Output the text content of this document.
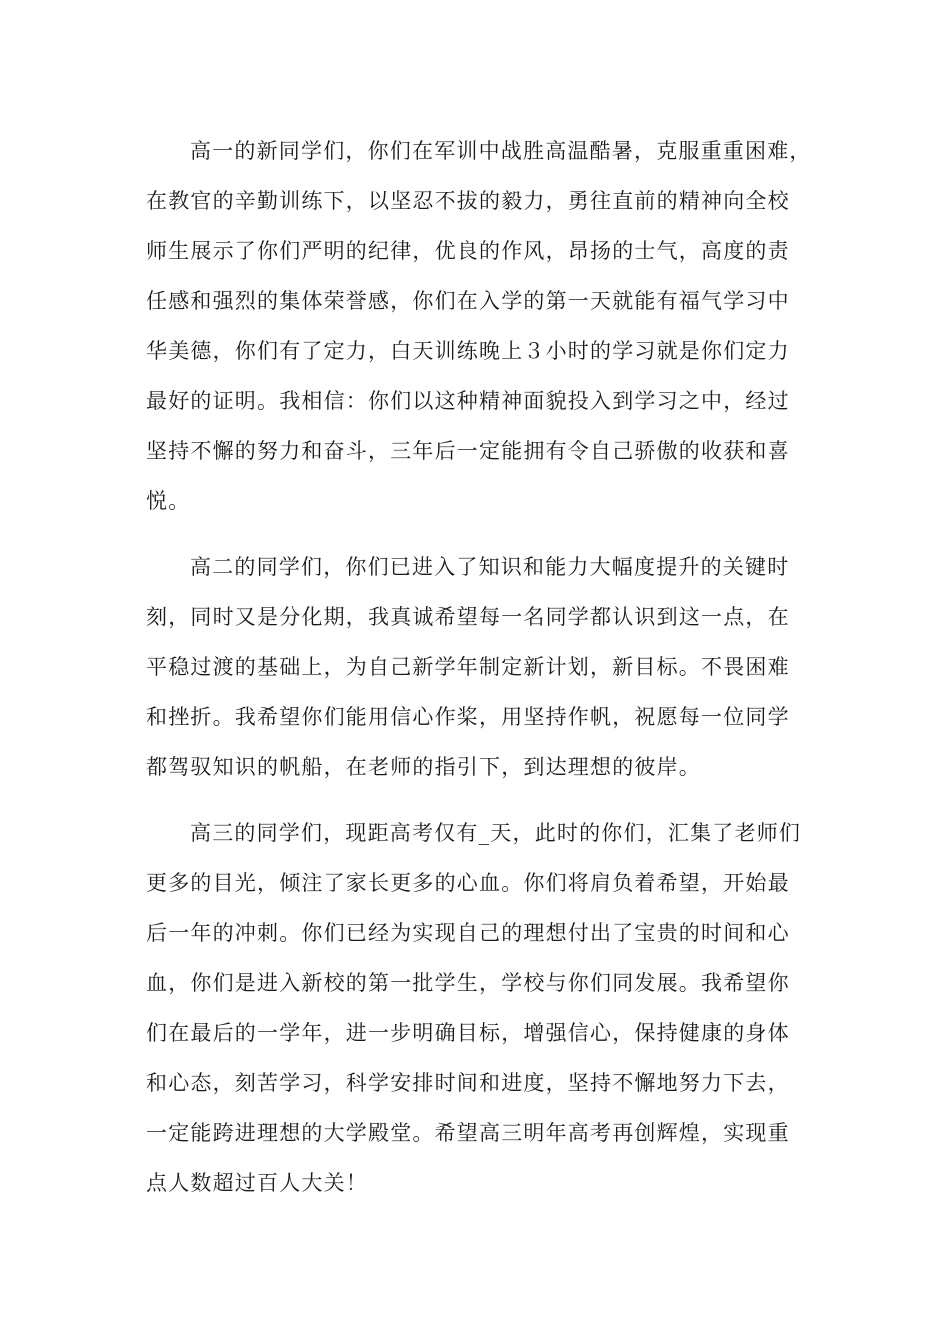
高一的新同学们，你们在军训中战胜高温酷暑，克服重重困难，
在教官的辛勤训练下，以坚忍不拔的毅力，勇往直前的精神向全校
师生展示了你们严明的纪律，优良的作风，昂扬的士气，高度的责
任感和强烈的集体荣誉感，你们在入学的第一天就能有福气学习中
华美德，你们有了定力，白天训练晚上３小时的学习就是你们定力
最好的证明。我相信：你们以这种精神面貌投入到学习之中，经过
坚持不懈的努力和奋斗，三年后一定能拥有令自己骄傲的收获和喜
悦。
高二的同学们，你们已进入了知识和能力大幅度提升的关键时
刻，同时又是分化期，我真诚希望每一名同学都认识到这一点，在
平稳过渡的基础上，为自己新学年制定新计划，新目标。不畏困难
和挫折。我希望你们能用信心作桨，用坚持作帆，祝愿每一位同学
都驾驭知识的帆船，在老师的指引下，到达理想的彼岸。
高三的同学们，现距高考仅有_天，此时的你们，汇集了老师们
更多的目光，倾注了家长更多的心血。你们将肩负着希望，开始最
后一年的冲刺。你们已经为实现自己的理想付出了宝贵的时间和心
血，你们是进入新校的第一批学生，学校与你们同发展。我希望你
们在最后的一学年，进一步明确目标，增强信心，保持健康的身体
和心态，刻苦学习，科学安排时间和进度，坚持不懈地努力下去，
一定能跨进理想的大学殿堂。希望高三明年高考再创辉煌，实现重
点人数超过百人大关！
